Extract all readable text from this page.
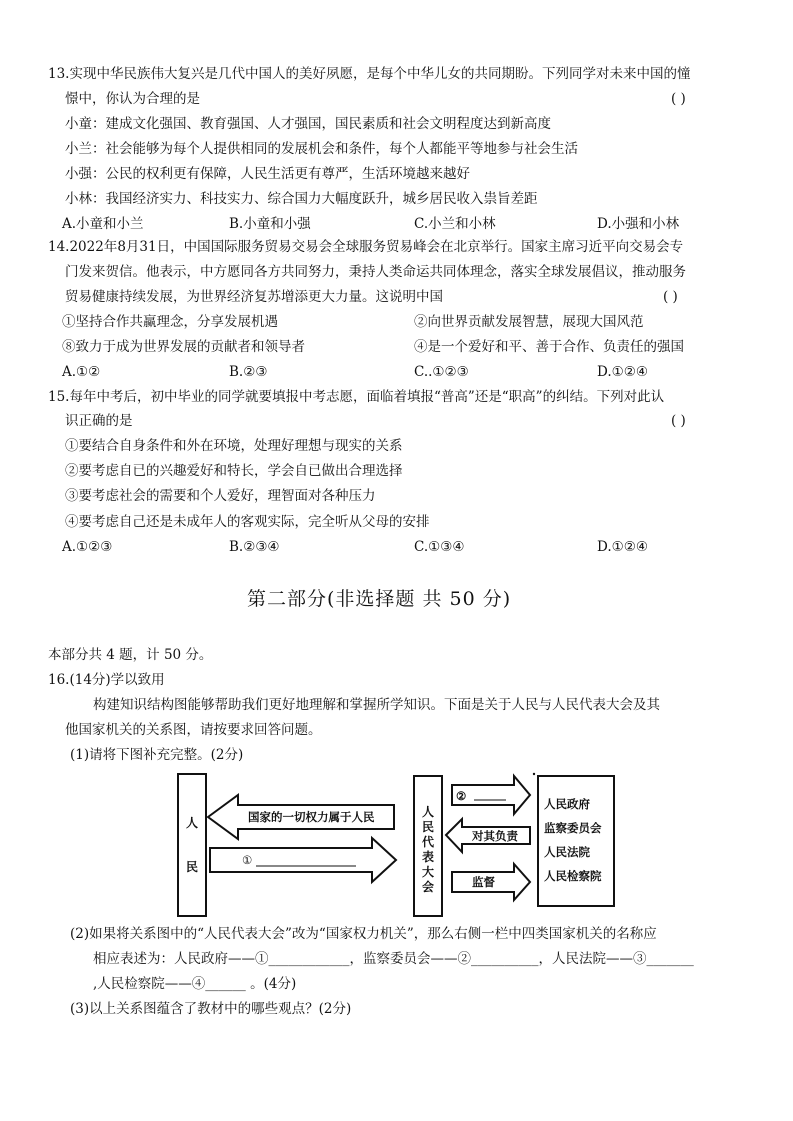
13.实现中华民族伟大复兴是几代中国人的美好夙愿，是每个中华儿女的共同期盼。下列同学对未来中国的憧
憬中，你认为合理的是	( )
小童：建成文化强国、教育强国、人才强国，国民素质和社会文明程度达到新高度
小兰：社会能够为每个人提供相同的发展机会和条件，每个人都能平等地参与社会生活
小强：公民的权利更有保障，人民生活更有尊严，生活环境越来越好
小林：我国经济实力、科技实力、综合国力大幅度跃升，城乡居民收入祟旨差距
A.小童和小兰	B.小童和小强	C.小兰和小林	D.小强和小林
14.2022年8月31日，中国国际服务贸易交易会全球服务贸易峰会在北京举行。国家主席习近平向交易会专
门发来贺信。他表示，中方愿同各方共同努力，秉持人类命运共同体理念，落实全球发展倡议，推动服务
贸易健康持续发展，为世界经济复苏增添更大力量。这说明中国	( )
①坚持合作共赢理念，分享发展机遇	②向世界贡献发展智慧，展现大国风范
⑧致力于成为世界发展的贡献者和领导者	④是一个爱好和平、善于合作、负责任的强国
A.①②	B.②③	C..①②③	D.①②④
15.每年中考后，初中毕业的同学就要填报中考志愿，面临着填报“普高”还是“职高”的纠结。下列对此认
识正确的是	( )
①要结合自身条件和外在环境，处理好理想与现实的关系
②要考虑自已的兴趣爱好和特长，学会自已做出合理选择
③要考虑社会的需要和个人爱好，理智面对各种压力
④要考虑自己还是未成年人的客观实际，完全听从父母的安排
A.①②③	B.②③④	C.①③④	D.①②④
第二部分(非选择题 共 50 分)
本部分共 4 题，计 50 分。
16.(14分)学以致用
构建知识结构图能够帮助我们更好地理解和掌握所学知识。下面是关于人民与人民代表大会及其
他国家机关的关系图，请按要求回答问题。
(1)请将下图补充完整。(2分)
人
民
国家的一切权力属于人民
①
人
民
代
表
大
会
②
对其负责
监督
人民政府
监察委员会
人民法院
人民检察院
(2)如果将关系图中的“人民代表大会”改为“国家权力机关”，那么右侧一栏中四类国家机关的名称应
相应表述为：人民政府——①____________，监察委员会——②__________，人民法院——③_______
,人民检察院——④______ 。(4分)
(3)以上关系图蕴含了教材中的哪些观点？(2分)
